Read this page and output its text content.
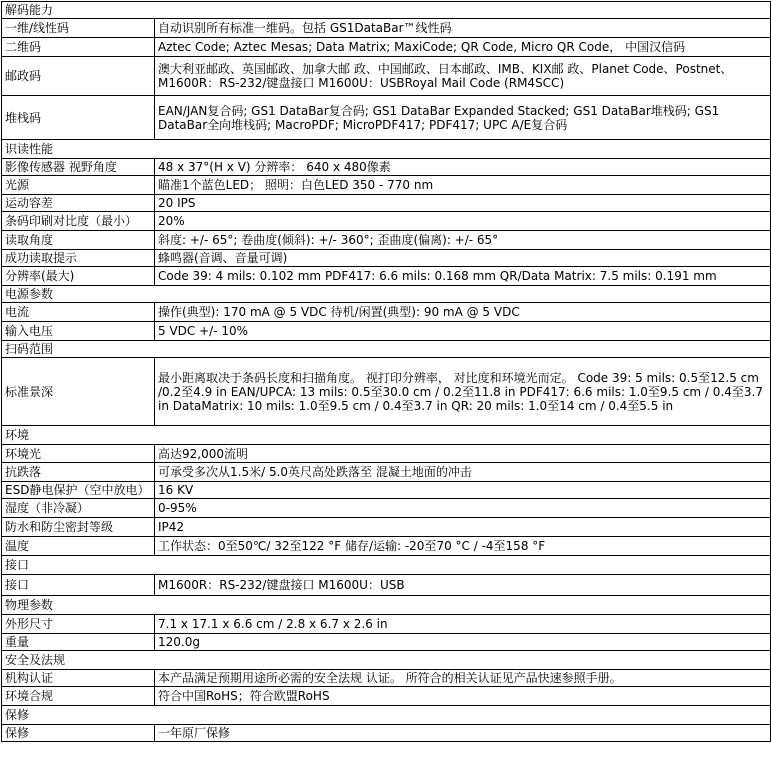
解码能力	
一维/线性码	自动识别所有标准一维码。包括 GS1DataBar™线性码
二维码	Aztec Code; Aztec Mesas; Data Matrix; MaxiCode; QR Code, Micro QR Code， 中国汉信码
邮政码	澳大利亚邮政、英国邮政、加拿大邮 政、中国邮政、日本邮政、IMB、KIX邮 政、Planet Code、Postnet、M1600R：RS-232/键盘接口 M1600U：USBRoyal Mail Code (RM4SCC)
堆栈码	EAN/JAN复合码; GS1 DataBar复合码; GS1 DataBar Expanded Stacked; GS1 DataBar堆栈码; GS1 DataBar全向堆栈码; MacroPDF; MicroPDF417; PDF417; UPC A/E复合码
识读性能	
影像传感器 视野角度	48 x 37°(H x V) 分辨率： 640 x 480像素
光源	瞄准1个蓝色LED； 照明：白色LED 350 - 770 nm
运动容差	20 IPS
条码印刷对比度（最小）	20%
读取角度	斜度: +/- 65°; 卷曲度(倾斜): +/- 360°; 歪曲度(偏离): +/- 65°
成功读取提示	蜂鸣器(音调、音量可调)
分辨率(最大)	Code 39: 4 mils: 0.102 mm PDF417: 6.6 mils: 0.168 mm QR/Data Matrix: 7.5 mils: 0.191 mm
电源参数	
电流	操作(典型): 170 mA @ 5 VDC 待机/闲置(典型): 90 mA @ 5 VDC
输入电压	5 VDC +/- 10%
扫码范围	
标准景深	最小距离取决于条码长度和扫描角度。 视打印分辨率， 对比度和环境光而定。 Code 39: 5 mils: 0.5至12.5 cm /0.2至4.9 in EAN/UPCA: 13 mils: 0.5至30.0 cm / 0.2至11.8 in PDF417: 6.6 mils: 1.0至9.5 cm / 0.4至3.7 in DataMatrix: 10 mils: 1.0至9.5 cm / 0.4至3.7 in QR: 20 mils: 1.0至14 cm / 0.4至5.5 in
环境	
环境光	高达92,000流明
抗跌落	可承受多次从1.5米/ 5.0英尺高处跌落至 混凝土地面的冲击
ESD静电保护（空中放电）	16 KV
湿度（非冷凝）	0-95%
防水和防尘密封等级	IP42
温度	工作状态：0至50℃/ 32至122 °F 储存/运输: -20至70 °C / -4至158 °F
接口	
接口	M1600R：RS-232/键盘接口 M1600U：USB
物理参数	
外形尺寸	7.1 x 17.1 x 6.6 cm / 2.8 x 6.7 x 2.6 in
重量	120.0g
安全及法规	
机构认证	本产品满足预期用途所必需的安全法规 认证。 所符合的相关认证见产品快速参照手册。
环境合规	符合中国RoHS；符合欧盟RoHS
保修	
保修	一年原厂保修
